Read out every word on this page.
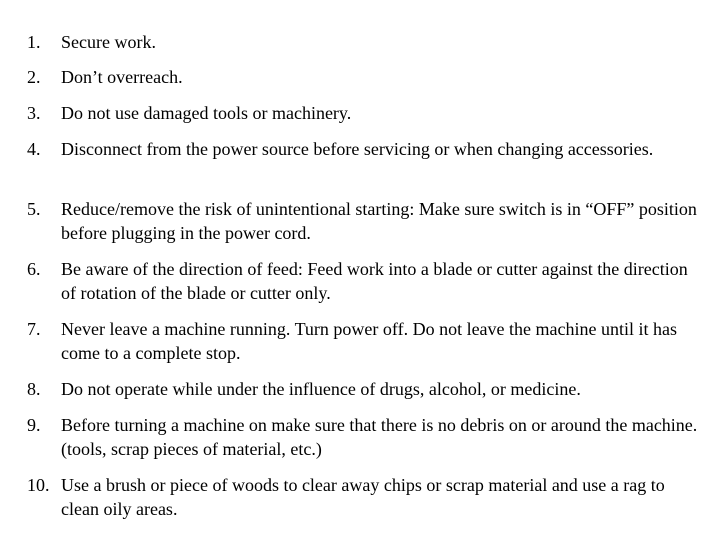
1. Secure work.
2. Don’t overreach.
3. Do not use damaged tools or machinery.
4. Disconnect from the power source before servicing or when changing accessories.
5. Reduce/remove the risk of unintentional starting: Make sure switch is in “OFF” position before plugging in the power cord.
6. Be aware of the direction of feed: Feed work into a blade or cutter against the direction of rotation of the blade or cutter only.
7. Never leave a machine running. Turn power off. Do not leave the machine until it has come to a complete stop.
8. Do not operate while under the influence of drugs, alcohol, or medicine.
9. Before turning a machine on make sure that there is no debris on or around the machine. (tools, scrap pieces of material, etc.)
10. Use a brush or piece of woods to clear away chips or scrap material and use a rag to clean oily areas.
